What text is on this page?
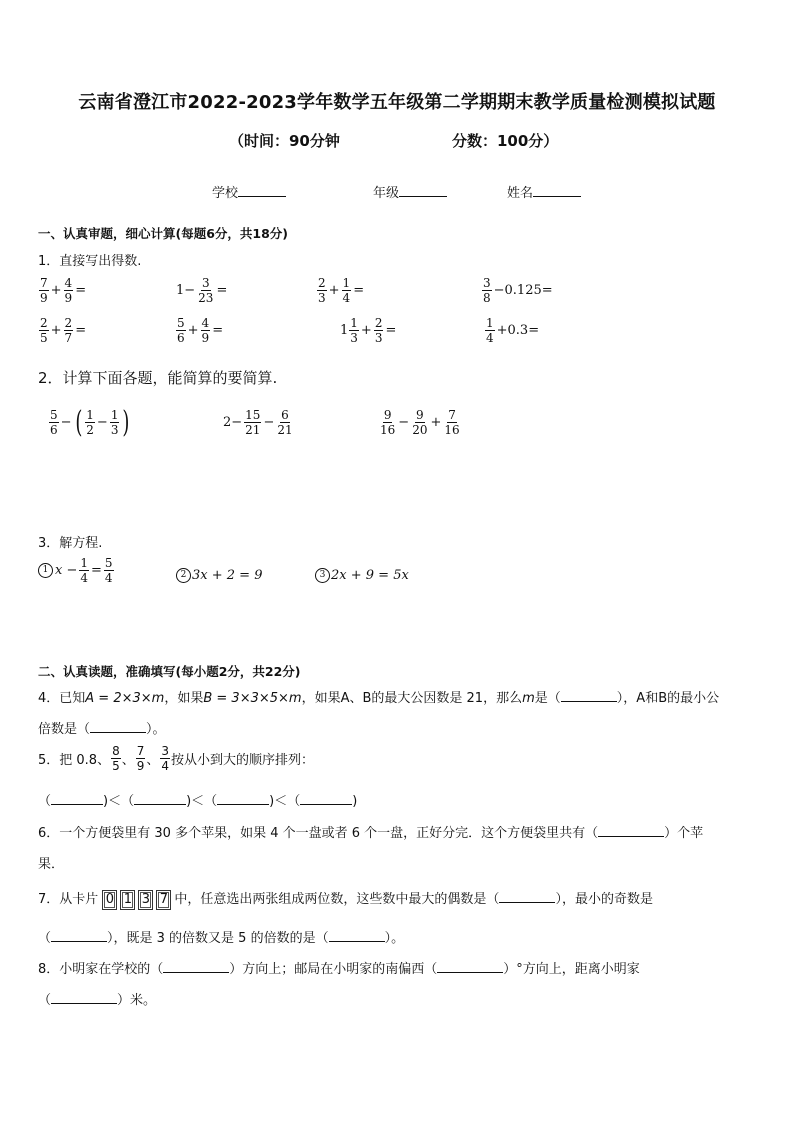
云南省澄江市2022-2023学年数学五年级第二学期期末教学质量检测模拟试题
（时间：90分钟	分数：100分）
学校	年级	姓名
一、认真审题，细心计算(每题6分，共18分)
1．直接写出得数.
$\frac{7}{9} + \frac{4}{9}$ =	$1- \frac{3}{23}$ =	$\frac{2}{3} + \frac{1}{4}$ =	$\frac{3}{8} -0.125=$
$\frac{2}{5} + \frac{2}{7}$ =	$\frac{5}{6} + \frac{4}{9}$ =	$1 \frac{1}{3} + \frac{2}{3}$ =	$\frac{1}{4} +0.3=$
2．计算下面各题，能简算的要简算.
$\frac{5}{6}$ − ( $\frac{1}{2} - \frac{1}{3}$ )	$2- \frac{15}{21} - \frac{6}{21}$	$\frac{9}{16} - \frac{9}{20} + \frac{7}{16}$
3．解方程.
1 $x - \frac{1}{4} = \frac{5}{4}$	2 3x + 2 = 9	3 2x + 9 = 5x
二、认真读题，准确填写(每小题2分，共22分)
4．已知A = 2×3×m，如果B = 3×3×5×m，如果A、B的最大公因数是 21，那么m是（	），A和B的最小公
倍数是（	）。
5．把 0.8、 $\frac{8}{5}$ 、 $\frac{7}{9}$ 、 $\frac{3}{4}$ 按从小到大的顺序排列：
（	)＜（	)＜（	)＜（	)
6．一个方便袋里有 30 多个苹果，如果 4 个一盘或者 6 个一盘，正好分完．这个方便袋里共有（	）个苹
果．
7．从卡片 0 1 3 7 中，任意选出两张组成两位数，这些数中最大的偶数是（	），最小的奇数是
（	），既是 3 的倍数又是 5 的倍数的是（	）。
8．小明家在学校的（	）方向上；邮局在小明家的南偏西（	）°方向上，距离小明家
（	）米。
